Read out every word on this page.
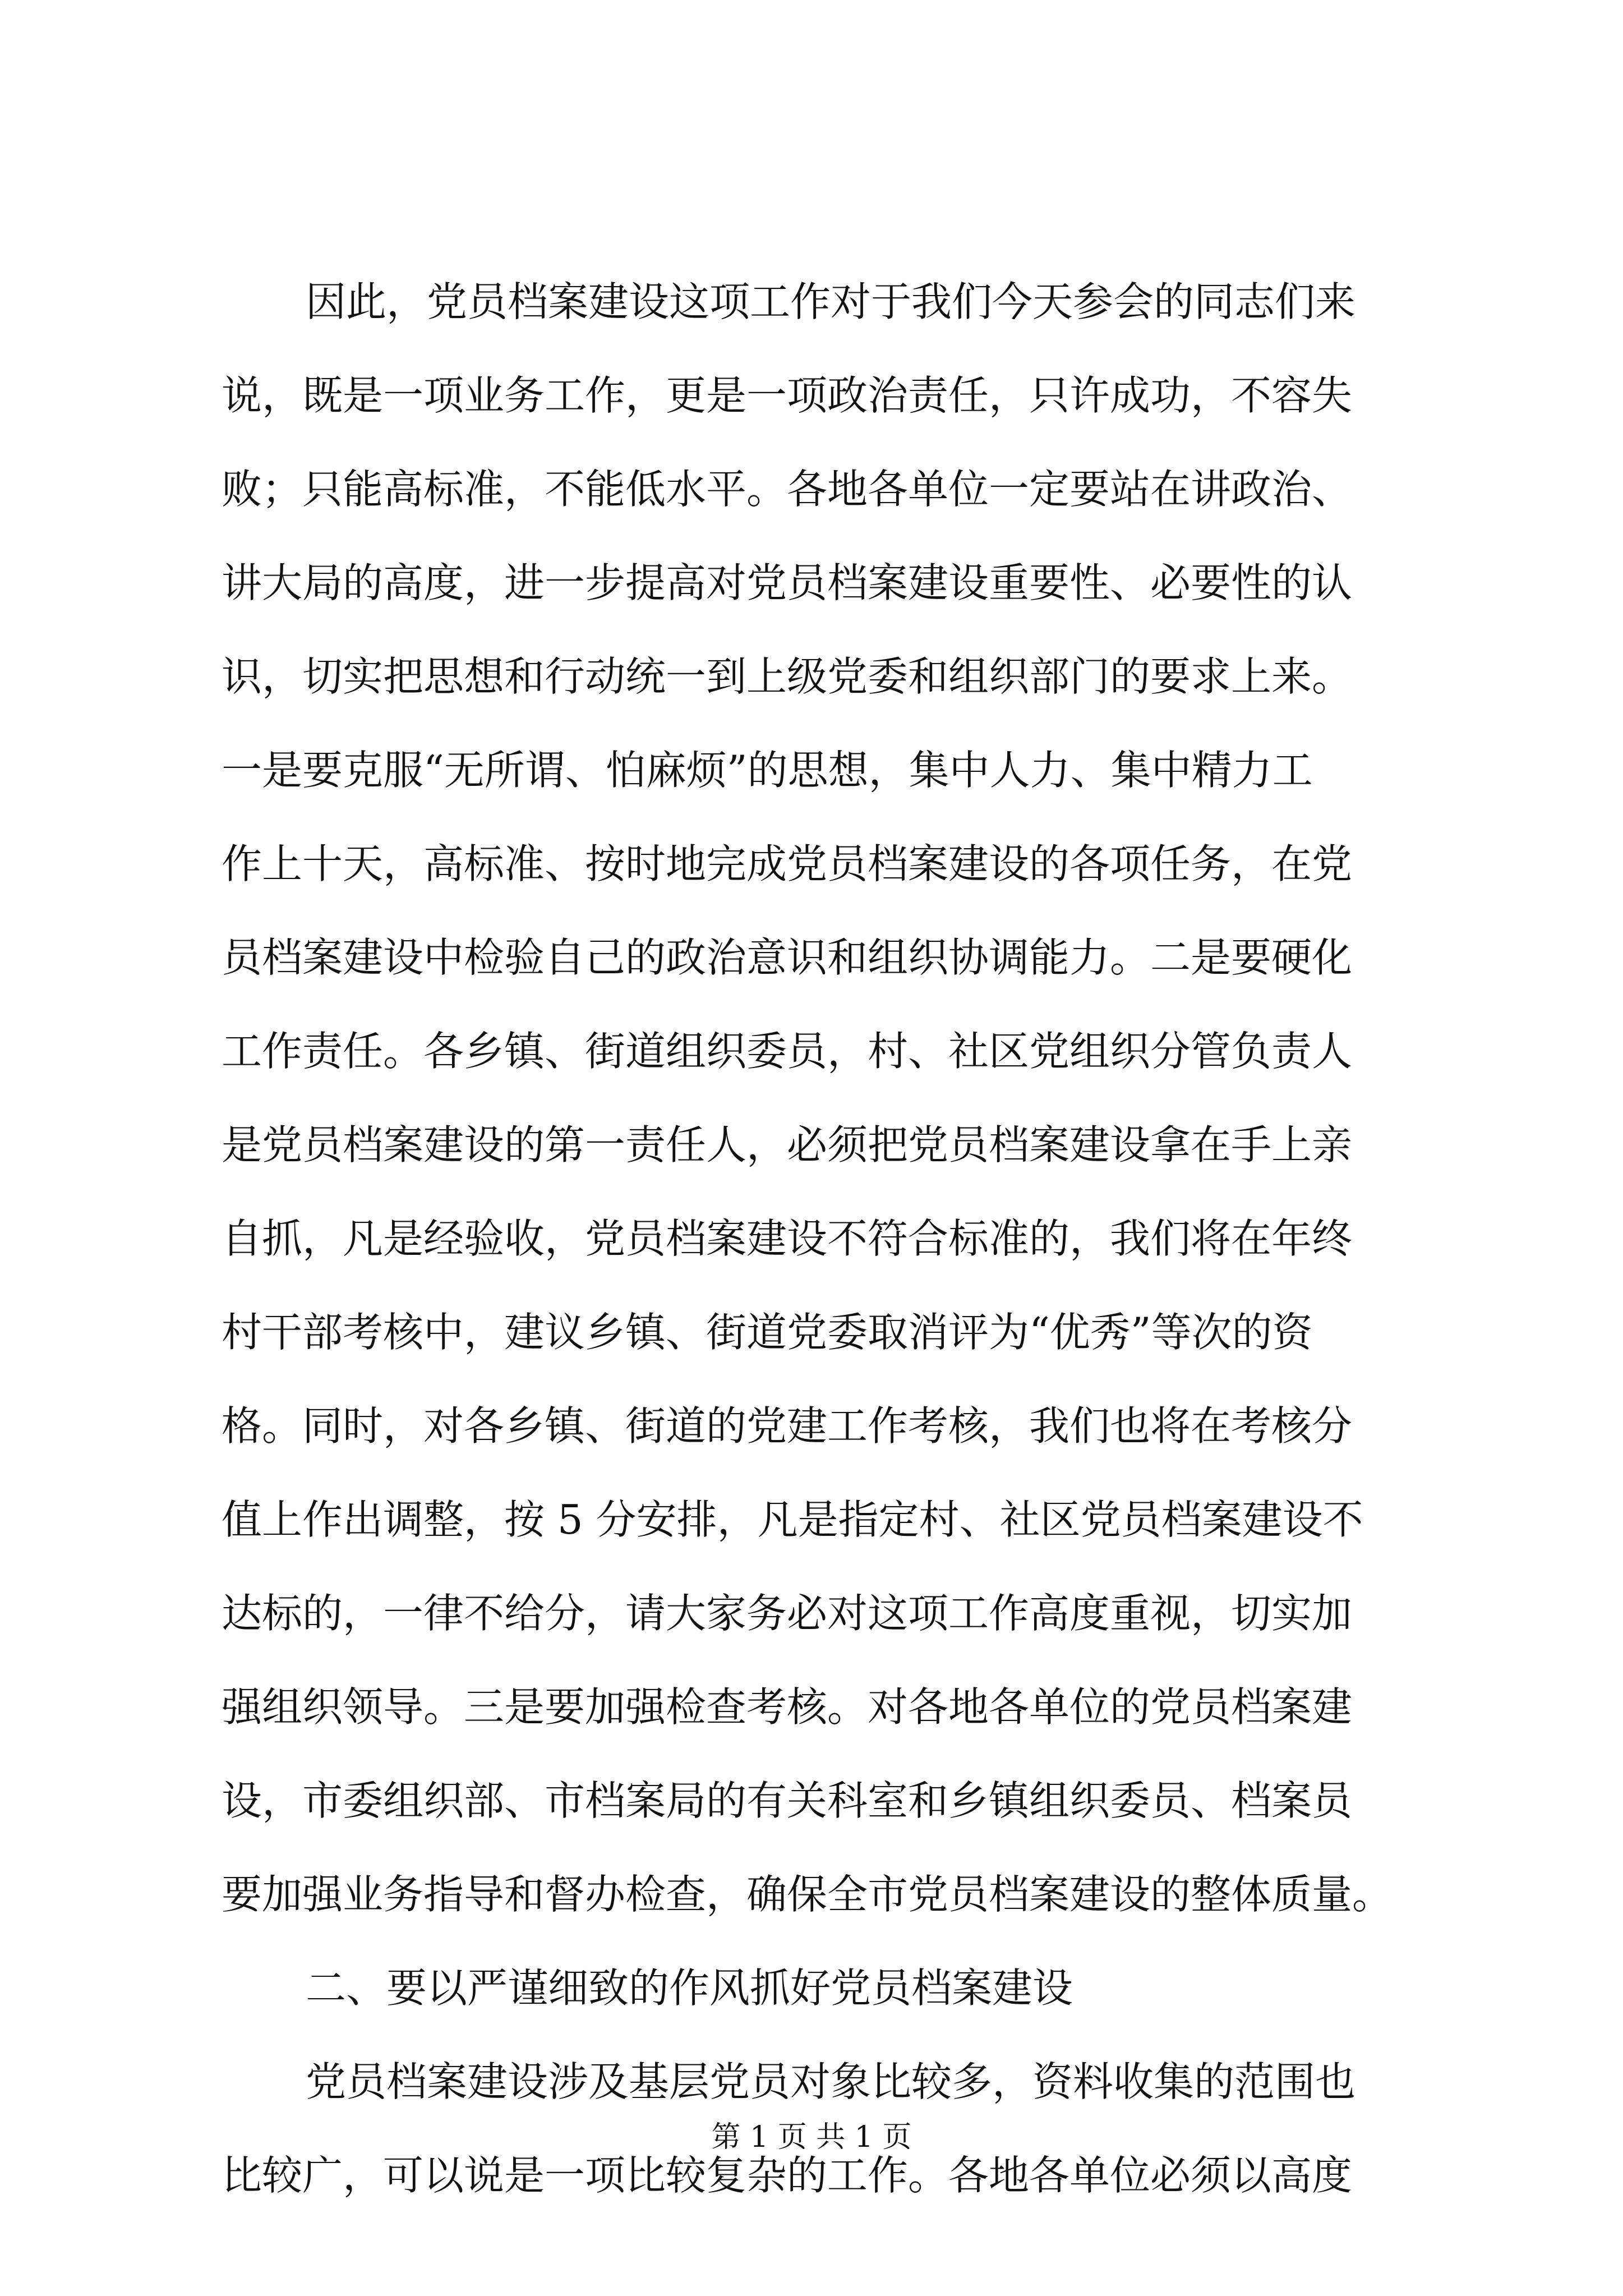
因此，党员档案建设这项工作对于我们今天参会的同志们来
说，既是一项业务工作，更是一项政治责任，只许成功，不容失
败；只能高标准，不能低水平。各地各单位一定要站在讲政治、
讲大局的高度，进一步提高对党员档案建设重要性、必要性的认
识，切实把思想和行动统一到上级党委和组织部门的要求上来。
一是要克服“无所谓、怕麻烦”的思想，集中人力、集中精力工
作上十天，高标准、按时地完成党员档案建设的各项任务，在党
员档案建设中检验自己的政治意识和组织协调能力。二是要硬化
工作责任。各乡镇、街道组织委员，村、社区党组织分管负责人
是党员档案建设的第一责任人，必须把党员档案建设拿在手上亲
自抓，凡是经验收，党员档案建设不符合标准的，我们将在年终
村干部考核中，建议乡镇、街道党委取消评为“优秀”等次的资
格。同时，对各乡镇、街道的党建工作考核，我们也将在考核分
值上作出调整，按 5 分安排，凡是指定村、社区党员档案建设不
达标的，一律不给分，请大家务必对这项工作高度重视，切实加
强组织领导。三是要加强检查考核。对各地各单位的党员档案建
设，市委组织部、市档案局的有关科室和乡镇组织委员、档案员
要加强业务指导和督办检查，确保全市党员档案建设的整体质量。
二、要以严谨细致的作风抓好党员档案建设
党员档案建设涉及基层党员对象比较多，资料收集的范围也
比较广，可以说是一项比较复杂的工作。各地各单位必须以高度
第 1 页 共 1 页
